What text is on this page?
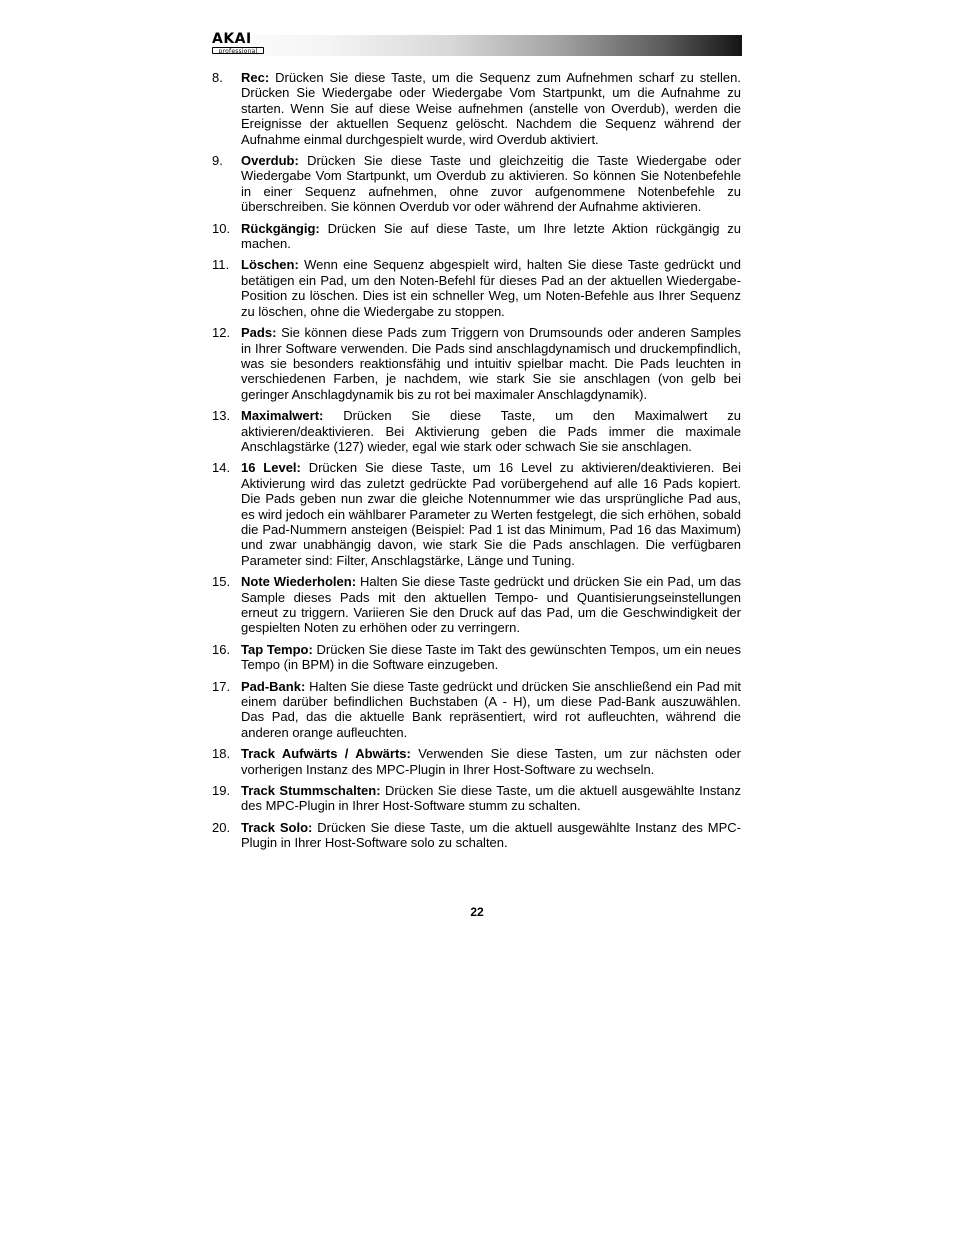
AKAI
professional
8.	Rec: Drücken Sie diese Taste, um die Sequenz zum Aufnehmen scharf zu stellen. Drücken Sie Wiedergabe oder Wiedergabe Vom Startpunkt, um die Aufnahme zu starten. Wenn Sie auf diese Weise aufnehmen (anstelle von Overdub), werden die Ereignisse der aktuellen Sequenz gelöscht. Nachdem die Sequenz während der Aufnahme einmal durchgespielt wurde, wird Overdub aktiviert.
9.	Overdub: Drücken Sie diese Taste und gleichzeitig die Taste Wiedergabe oder Wiedergabe Vom Startpunkt, um Overdub zu aktivieren. So können Sie Notenbefehle in einer Sequenz aufnehmen, ohne zuvor aufgenommene Notenbefehle zu überschreiben. Sie können Overdub vor oder während der Aufnahme aktivieren.
10. Rückgängig: Drücken Sie auf diese Taste, um Ihre letzte Aktion rückgängig zu machen.
11. Löschen: Wenn eine Sequenz abgespielt wird, halten Sie diese Taste gedrückt und betätigen ein Pad, um den Noten-Befehl für dieses Pad an der aktuellen Wiedergabe-Position zu löschen. Dies ist ein schneller Weg, um Noten-Befehle aus Ihrer Sequenz zu löschen, ohne die Wiedergabe zu stoppen.
12. Pads: Sie können diese Pads zum Triggern von Drumsounds oder anderen Samples in Ihrer Software verwenden. Die Pads sind anschlagdynamisch und druckempfindlich, was sie besonders reaktionsfähig und intuitiv spielbar macht. Die Pads leuchten in verschiedenen Farben, je nachdem, wie stark Sie sie anschlagen (von gelb bei geringer Anschlagdynamik bis zu rot bei maximaler Anschlagdynamik).
13. Maximalwert: Drücken Sie diese Taste, um den Maximalwert zu aktivieren/deaktivieren. Bei Aktivierung geben die Pads immer die maximale Anschlagstärke (127) wieder, egal wie stark oder schwach Sie sie anschlagen.
14. 16 Level: Drücken Sie diese Taste, um 16 Level zu aktivieren/deaktivieren. Bei Aktivierung wird das zuletzt gedrückte Pad vorübergehend auf alle 16 Pads kopiert. Die Pads geben nun zwar die gleiche Notennummer wie das ursprüngliche Pad aus, es wird jedoch ein wählbarer Parameter zu Werten festgelegt, die sich erhöhen, sobald die Pad-Nummern ansteigen (Beispiel: Pad 1 ist das Minimum, Pad 16 das Maximum) und zwar unabhängig davon, wie stark Sie die Pads anschlagen. Die verfügbaren Parameter sind: Filter, Anschlagstärke, Länge und Tuning.
15. Note Wiederholen: Halten Sie diese Taste gedrückt und drücken Sie ein Pad, um das Sample dieses Pads mit den aktuellen Tempo- und Quantisierungseinstellungen erneut zu triggern. Variieren Sie den Druck auf das Pad, um die Geschwindigkeit der gespielten Noten zu erhöhen oder zu verringern.
16. Tap Tempo: Drücken Sie diese Taste im Takt des gewünschten Tempos, um ein neues Tempo (in BPM) in die Software einzugeben.
17. Pad-Bank: Halten Sie diese Taste gedrückt und drücken Sie anschließend ein Pad mit einem darüber befindlichen Buchstaben (A - H), um diese Pad-Bank auszuwählen. Das Pad, das die aktuelle Bank repräsentiert, wird rot aufleuchten, während die anderen orange aufleuchten.
18. Track Aufwärts / Abwärts: Verwenden Sie diese Tasten, um zur nächsten oder vorherigen Instanz des MPC-Plugin in Ihrer Host-Software zu wechseln.
19. Track Stummschalten: Drücken Sie diese Taste, um die aktuell ausgewählte Instanz des MPC-Plugin in Ihrer Host-Software stumm zu schalten.
20. Track Solo: Drücken Sie diese Taste, um die aktuell ausgewählte Instanz des MPC-Plugin in Ihrer Host-Software solo zu schalten.
22
